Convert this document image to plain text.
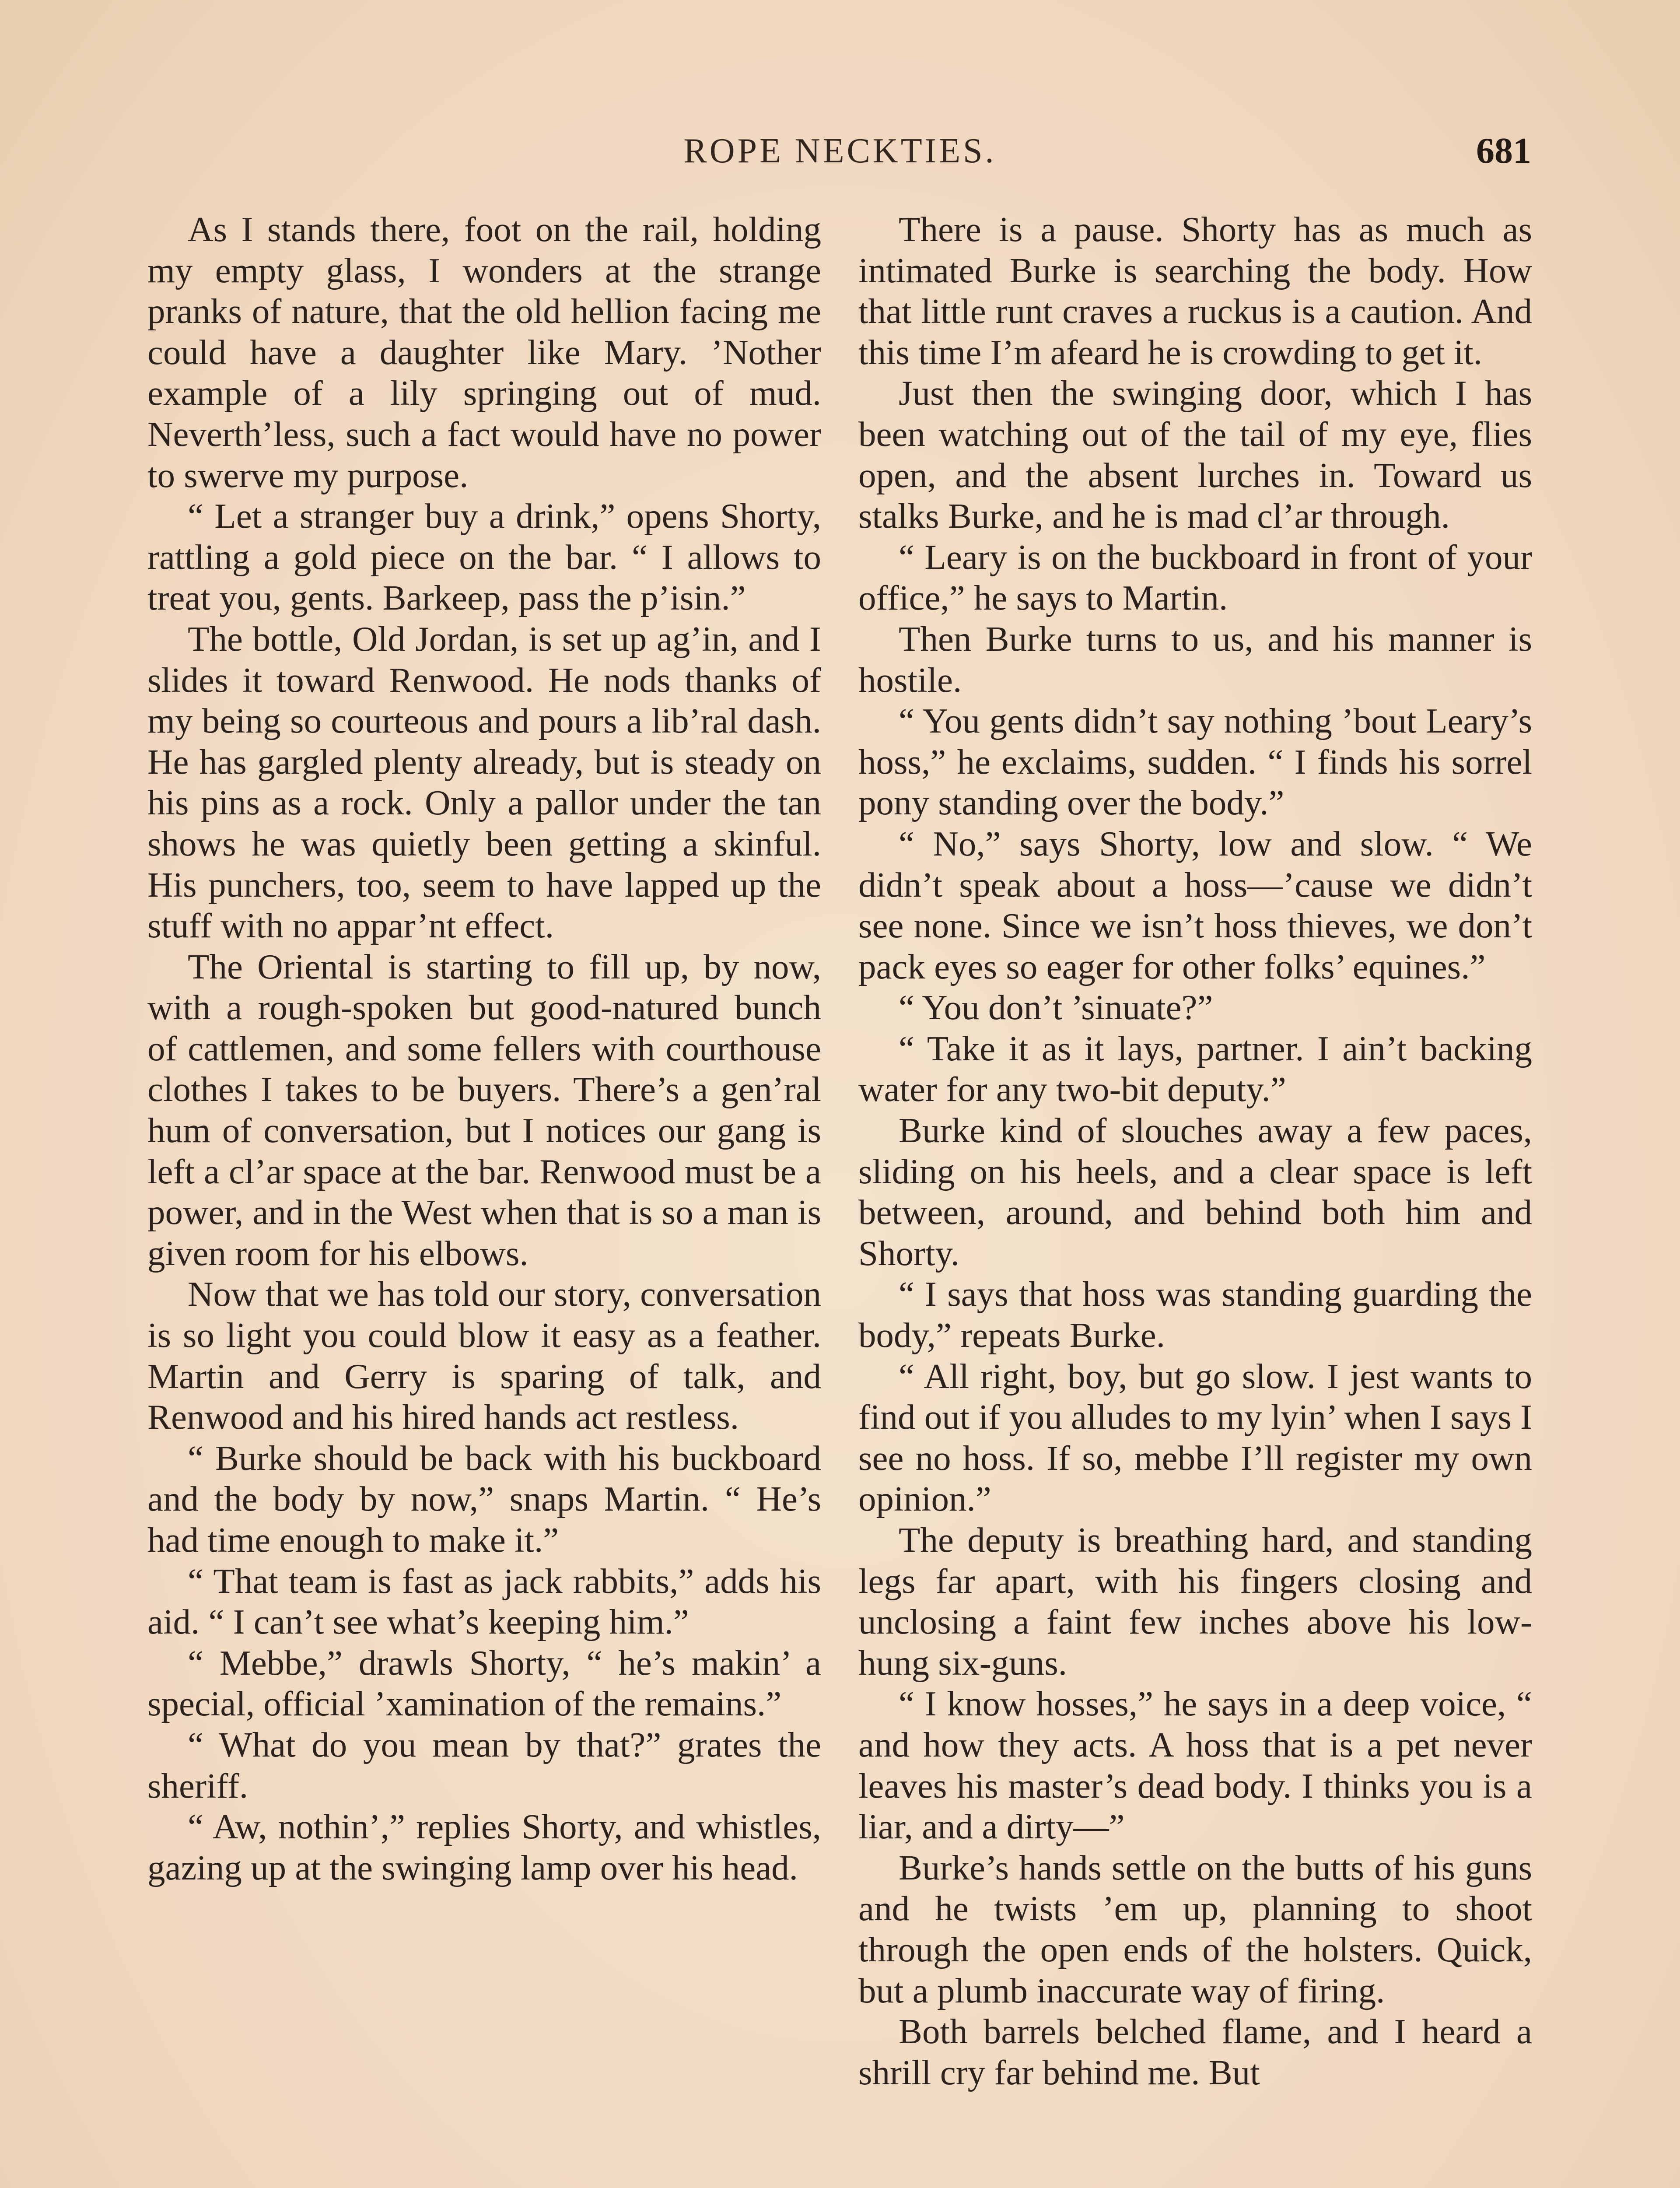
ROPE NECKTIES.	681

As I stands there, foot on the rail, holding my empty glass, I wonders at the strange pranks of nature, that the old hellion facing me could have a daughter like Mary. ’Nother example of a lily springing out of mud. Neverth’less, such a fact would have no power to swerve my purpose.

“ Let a stranger buy a drink,” opens Shorty, rattling a gold piece on the bar. “ I allows to treat you, gents. Barkeep, pass the p’isin.”

The bottle, Old Jordan, is set up ag’in, and I slides it toward Renwood. He nods thanks of my being so courteous and pours a lib’ral dash. He has gargled plenty already, but is steady on his pins as a rock. Only a pallor under the tan shows he was quietly been getting a skinful. His punchers, too, seem to have lapped up the stuff with no appar’nt effect.

The Oriental is starting to fill up, by now, with a rough-spoken but good-natured bunch of cattlemen, and some fellers with courthouse clothes I takes to be buyers. There’s a gen’ral hum of conversation, but I notices our gang is left a cl’ar space at the bar. Renwood must be a power, and in the West when that is so a man is given room for his elbows.

Now that we has told our story, conversation is so light you could blow it easy as a feather. Martin and Gerry is sparing of talk, and Renwood and his hired hands act restless.

“ Burke should be back with his buckboard and the body by now,” snaps Martin. “ He’s had time enough to make it.”

“ That team is fast as jack rabbits,” adds his aid. “ I can’t see what’s keeping him.”

“ Mebbe,” drawls Shorty, “ he’s makin’ a special, official ’xamination of the remains.”

“ What do you mean by that?” grates the sheriff.

“ Aw, nothin’,” replies Shorty, and whistles, gazing up at the swinging lamp over his head.

There is a pause. Shorty has as much as intimated Burke is searching the body. How that little runt craves a ruckus is a caution. And this time I’m afeard he is crowding to get it.

Just then the swinging door, which I has been watching out of the tail of my eye, flies open, and the absent lurches in. Toward us stalks Burke, and he is mad cl’ar through.

“ Leary is on the buckboard in front of your office,” he says to Martin.

Then Burke turns to us, and his manner is hostile.

“ You gents didn’t say nothing ’bout Leary’s hoss,” he exclaims, sudden. “ I finds his sorrel pony standing over the body.”

“ No,” says Shorty, low and slow. “ We didn’t speak about a hoss—’cause we didn’t see none. Since we isn’t hoss thieves, we don’t pack eyes so eager for other folks’ equines.”

“ You don’t ’sinuate?”

“ Take it as it lays, partner. I ain’t backing water for any two-bit deputy.”

Burke kind of slouches away a few paces, sliding on his heels, and a clear space is left between, around, and behind both him and Shorty.

“ I says that hoss was standing guarding the body,” repeats Burke.

“ All right, boy, but go slow. I jest wants to find out if you alludes to my lyin’ when I says I see no hoss. If so, mebbe I’ll register my own opinion.”

The deputy is breathing hard, and standing legs far apart, with his fingers closing and unclosing a faint few inches above his low-hung six-guns.

“ I know hosses,” he says in a deep voice, “ and how they acts. A hoss that is a pet never leaves his master’s dead body. I thinks you is a liar, and a dirty—”

Burke’s hands settle on the butts of his guns and he twists ’em up, planning to shoot through the open ends of the holsters. Quick, but a plumb inaccurate way of firing.

Both barrels belched flame, and I heard a shrill cry far behind me. But
